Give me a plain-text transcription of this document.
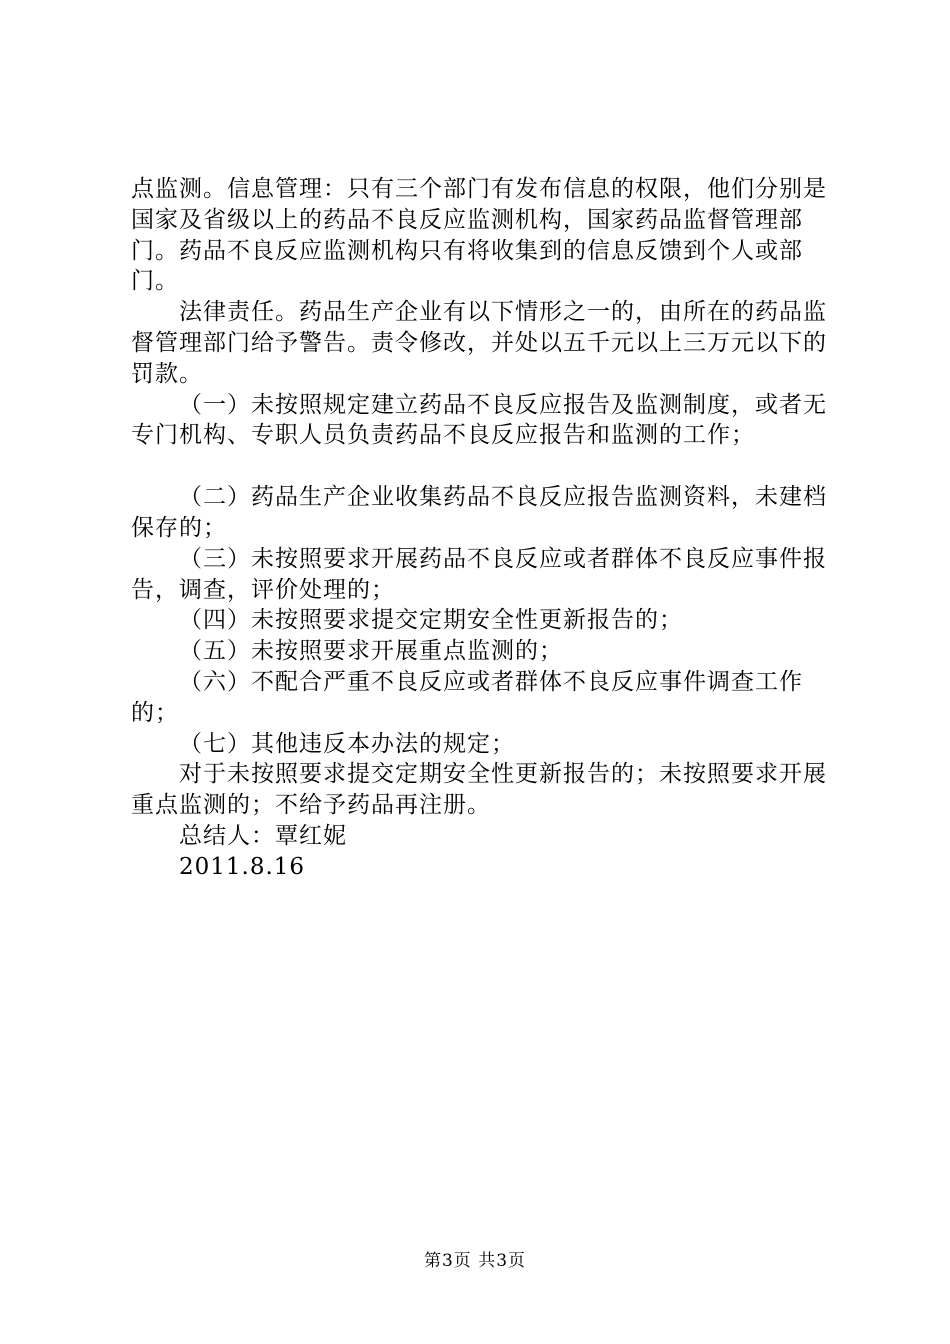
点监测。信息管理：只有三个部门有发布信息的权限，他们分别是国家及省级以上的药品不良反应监测机构，国家药品监督管理部门。药品不良反应监测机构只有将收集到的信息反馈到个人或部门。

法律责任。药品生产企业有以下情形之一的，由所在的药品监督管理部门给予警告。责令修改，并处以五千元以上三万元以下的罚款。

（一）未按照规定建立药品不良反应报告及监测制度，或者无专门机构、专职人员负责药品不良反应报告和监测的工作；

（二）药品生产企业收集药品不良反应报告监测资料，未建档保存的；

（三）未按照要求开展药品不良反应或者群体不良反应事件报告，调查，评价处理的；

（四）未按照要求提交定期安全性更新报告的；

（五）未按照要求开展重点监测的；

（六）不配合严重不良反应或者群体不良反应事件调查工作的；

（七）其他违反本办法的规定；

对于未按照要求提交定期安全性更新报告的；未按照要求开展重点监测的；不给予药品再注册。

总结人：覃红妮

2011.8.16

第3页 共3页
